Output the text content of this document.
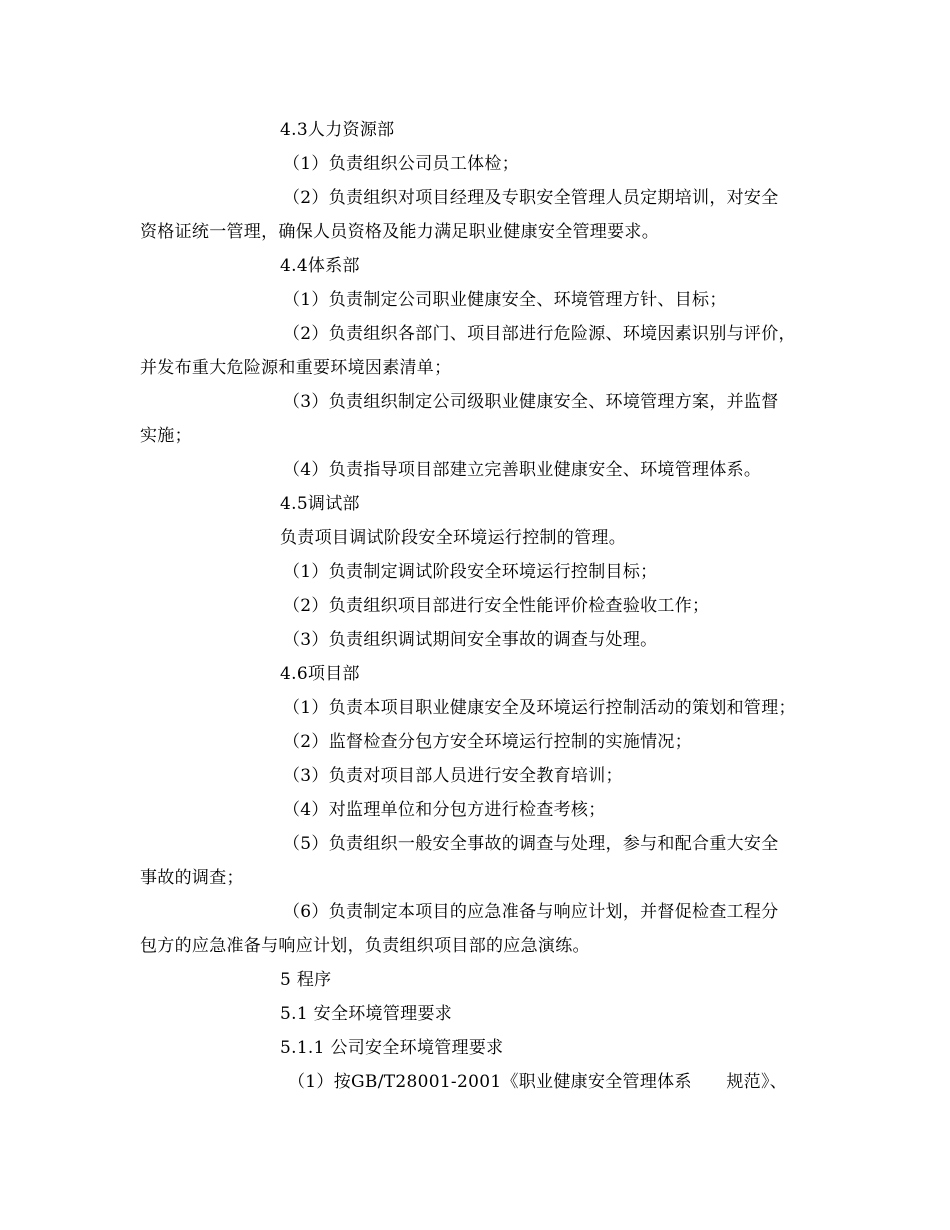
4.3人力资源部
（1）负责组织公司员工体检；
（2）负责组织对项目经理及专职安全管理人员定期培训，对安全
资格证统一管理，确保人员资格及能力满足职业健康安全管理要求。
4.4体系部
（1）负责制定公司职业健康安全、环境管理方针、目标；
（2）负责组织各部门、项目部进行危险源、环境因素识别与评价，
并发布重大危险源和重要环境因素清单；
（3）负责组织制定公司级职业健康安全、环境管理方案，并监督
实施；
（4）负责指导项目部建立完善职业健康安全、环境管理体系。
4.5调试部
负责项目调试阶段安全环境运行控制的管理。
（1）负责制定调试阶段安全环境运行控制目标；
（2）负责组织项目部进行安全性能评价检查验收工作；
（3）负责组织调试期间安全事故的调查与处理。
4.6项目部
（1）负责本项目职业健康安全及环境运行控制活动的策划和管理；
（2）监督检查分包方安全环境运行控制的实施情况；
（3）负责对项目部人员进行安全教育培训；
（4）对监理单位和分包方进行检查考核；
（5）负责组织一般安全事故的调查与处理，参与和配合重大安全
事故的调查；
（6）负责制定本项目的应急准备与响应计划，并督促检查工程分
包方的应急准备与响应计划，负责组织项目部的应急演练。
5 程序
5.1 安全环境管理要求
5.1.1 公司安全环境管理要求
（1）按GB/T28001-2001《职业健康安全管理体系　　规范》、
